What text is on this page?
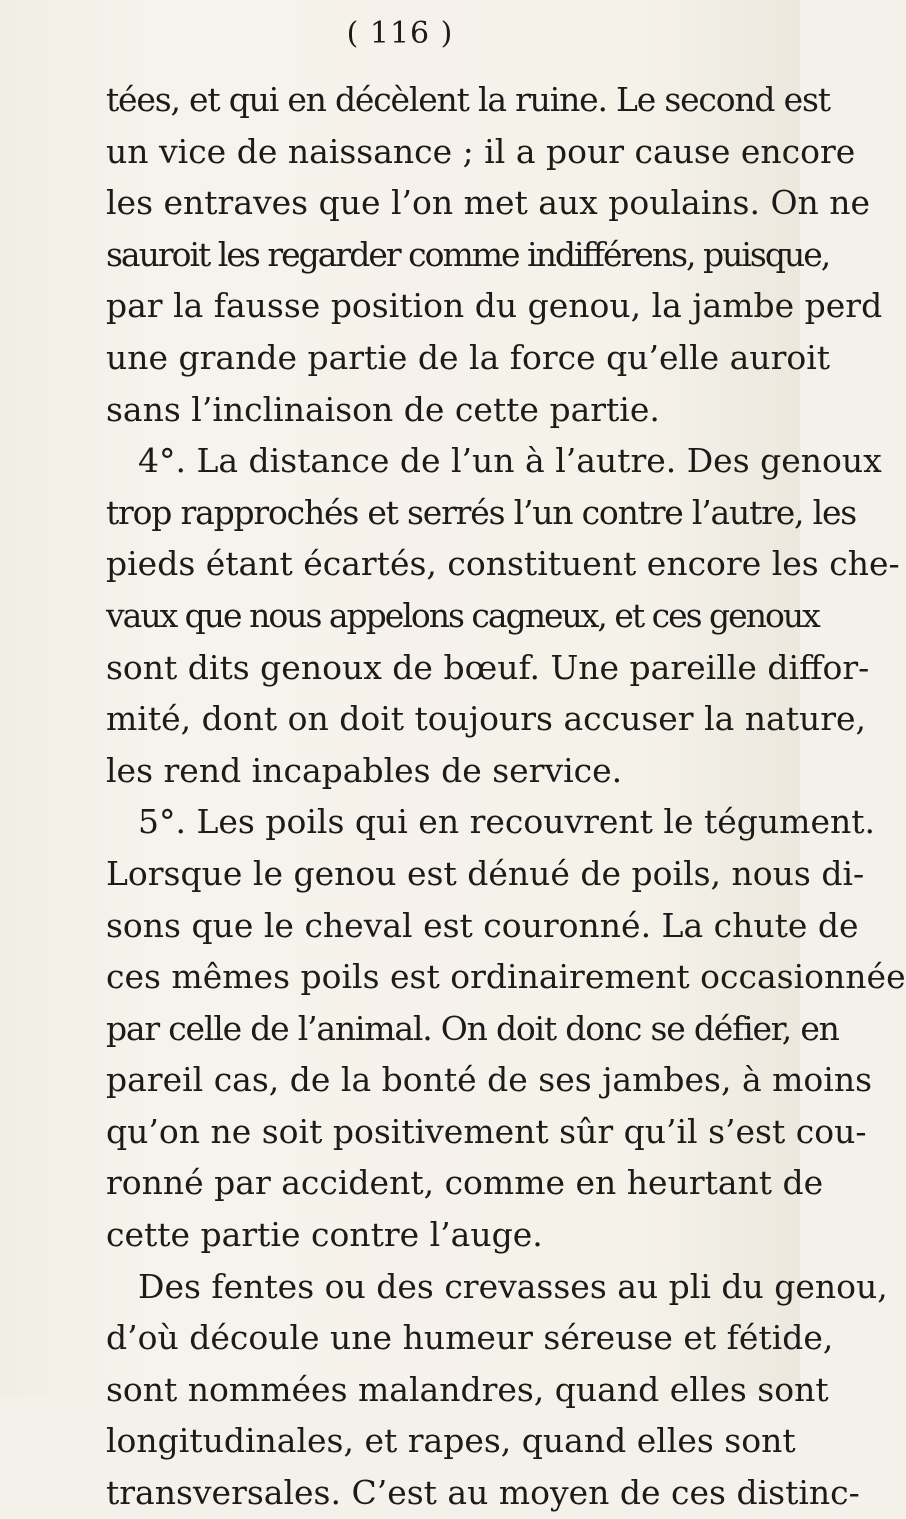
( 116 )
tées, et qui en décèlent la ruine. Le second est
un vice de naissance ; il a pour cause encore
les entraves que l’on met aux poulains. On ne
sauroit les regarder comme indifférens, puisque,
par la fausse position du genou, la jambe perd
une grande partie de la force qu’elle auroit
sans l’inclinaison de cette partie.
4°. La distance de l’un à l’autre. Des genoux
trop rapprochés et serrés l’un contre l’autre, les
pieds étant écartés, constituent encore les che-
vaux que nous appelons cagneux, et ces genoux
sont dits genoux de bœuf. Une pareille diffor-
mité, dont on doit toujours accuser la nature,
les rend incapables de service.
5°. Les poils qui en recouvrent le tégument.
Lorsque le genou est dénué de poils, nous di-
sons que le cheval est couronné. La chute de
ces mêmes poils est ordinairement occasionnée
par celle de l’animal. On doit donc se défier, en
pareil cas, de la bonté de ses jambes, à moins
qu’on ne soit positivement sûr qu’il s’est cou-
ronné par accident, comme en heurtant de
cette partie contre l’auge.
Des fentes ou des crevasses au pli du genou,
d’où découle une humeur séreuse et fétide,
sont nommées malandres, quand elles sont
longitudinales, et rapes, quand elles sont
transversales. C’est au moyen de ces distinc-
